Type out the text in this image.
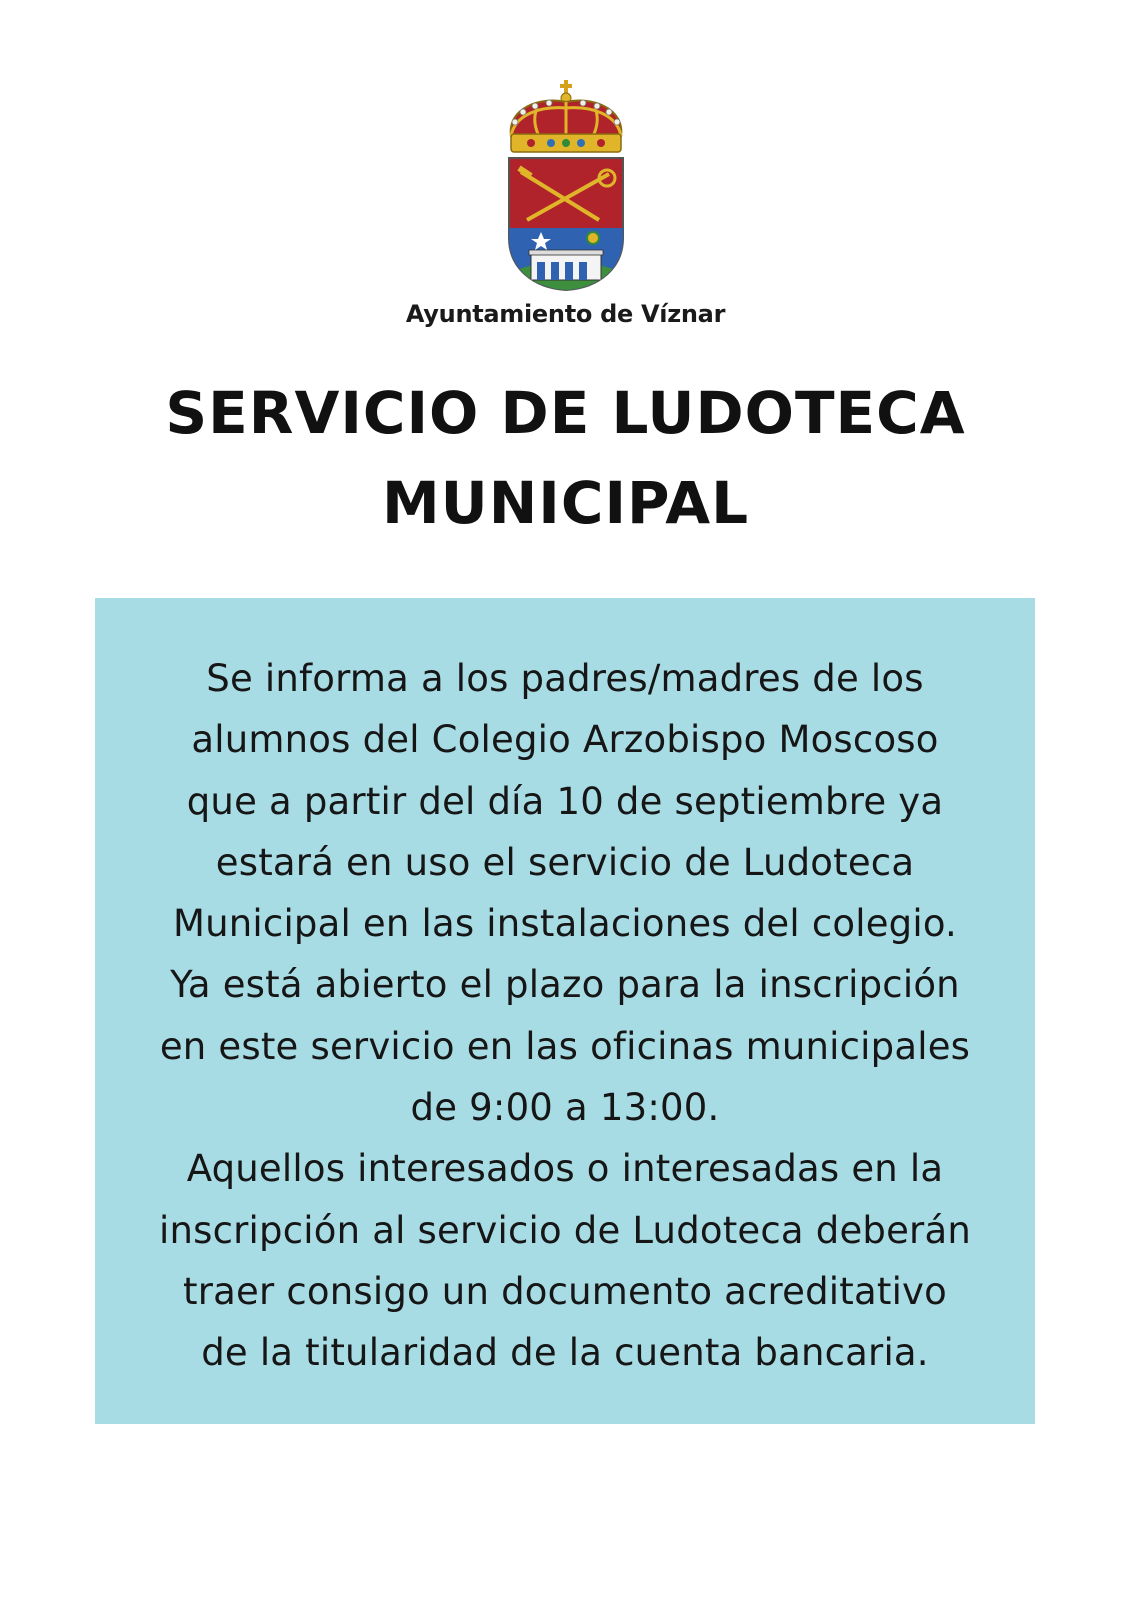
Ayuntamiento de Víznar
SERVICIO DE LUDOTECA
MUNICIPAL

Se informa a los padres/madres de los

alumnos del Colegio Arzobispo Moscoso

que a partir del día 10 de septiembre ya

estará en uso el servicio de Ludoteca

Municipal en las instalaciones del colegio.

Ya está abierto el plazo para la inscripción

en este servicio en las oficinas municipales

de 9:00 a 13:00.

Aquellos interesados o interesadas en la

inscripción al servicio de Ludoteca deberán

traer consigo un documento acreditativo

de la titularidad de la cuenta bancaria.
